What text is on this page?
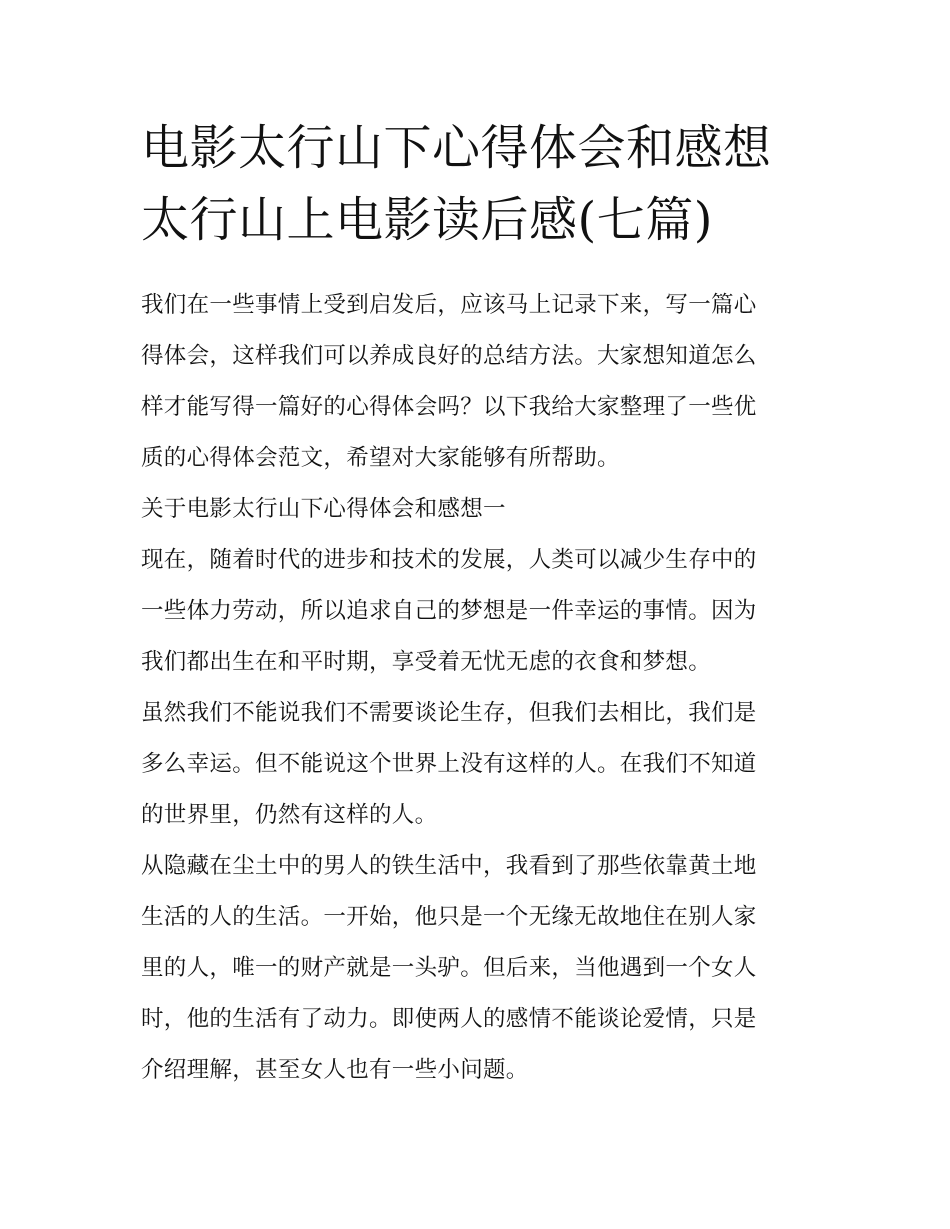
电影太行山下心得体会和感想
太行山上电影读后感(七篇)

我们在一些事情上受到启发后，应该马上记录下来，写一篇心
得体会，这样我们可以养成良好的总结方法。大家想知道怎么
样才能写得一篇好的心得体会吗？以下我给大家整理了一些优
质的心得体会范文，希望对大家能够有所帮助。

关于电影太行山下心得体会和感想一

现在，随着时代的进步和技术的发展，人类可以减少生存中的
一些体力劳动，所以追求自己的梦想是一件幸运的事情。因为
我们都出生在和平时期，享受着无忧无虑的衣食和梦想。

虽然我们不能说我们不需要谈论生存，但我们去相比，我们是
多么幸运。但不能说这个世界上没有这样的人。在我们不知道
的世界里，仍然有这样的人。

从隐藏在尘土中的男人的铁生活中，我看到了那些依靠黄土地
生活的人的生活。一开始，他只是一个无缘无故地住在别人家
里的人，唯一的财产就是一头驴。但后来，当他遇到一个女人
时，他的生活有了动力。即使两人的感情不能谈论爱情，只是
介绍理解，甚至女人也有一些小问题。
